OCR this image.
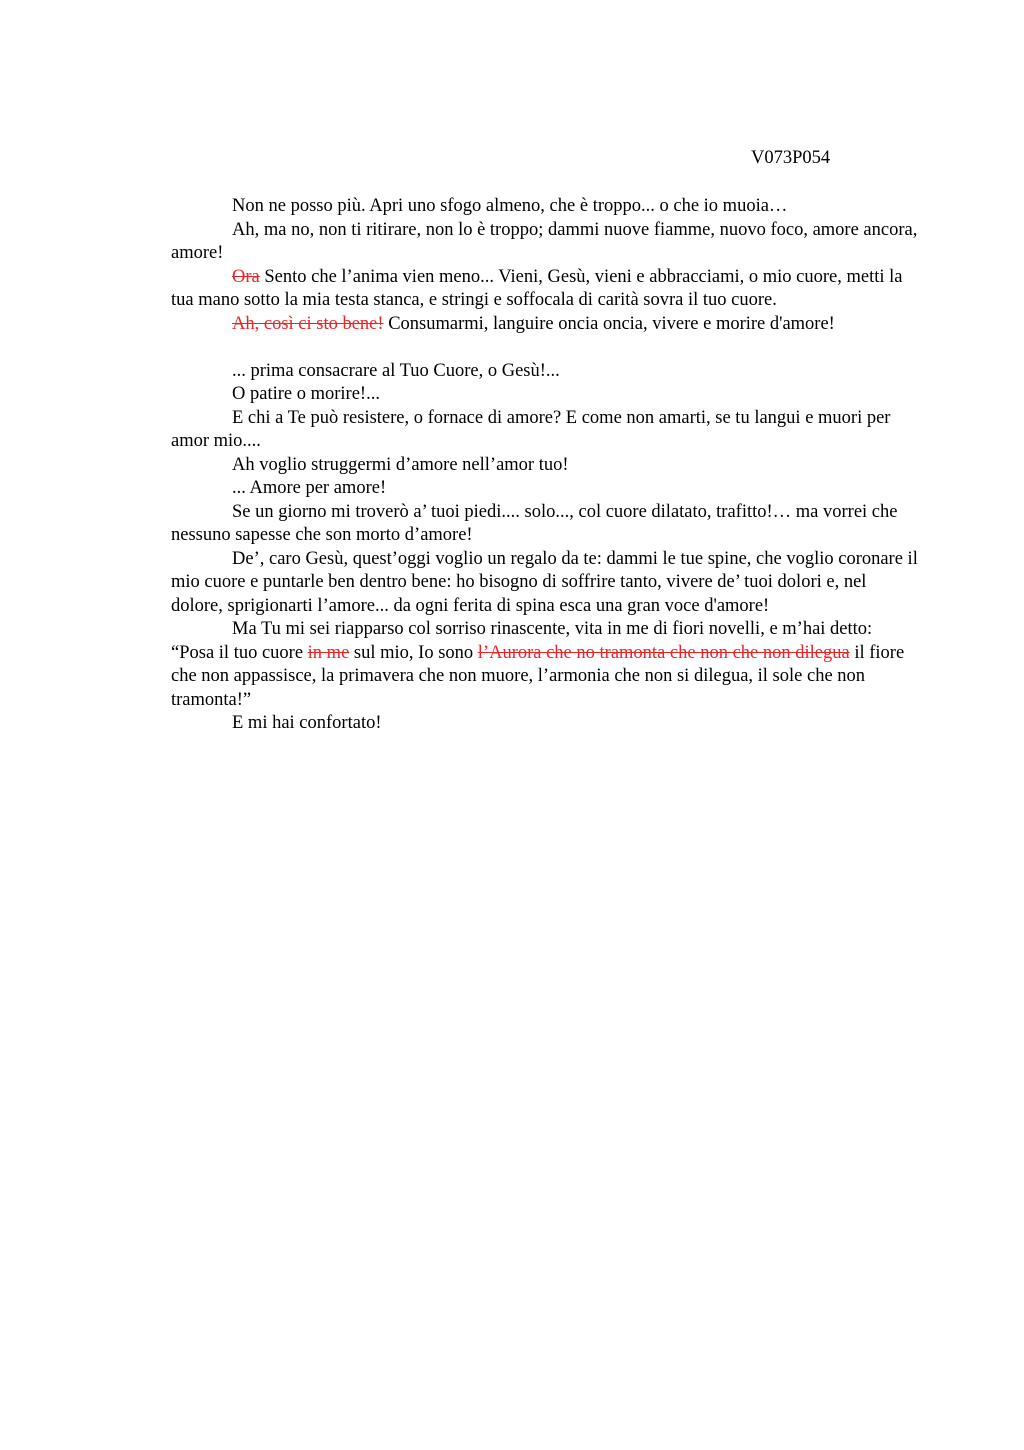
V073P054

Non ne posso più. Apri uno sfogo almeno, che è troppo... o che io muoia…

Ah, ma no, non ti ritirare, non lo è troppo; dammi nuove fiamme, nuovo foco, amore ancora, amore!

Ora Sento che l’anima vien meno... Vieni, Gesù, vieni e abbracciami, o mio cuore, metti la tua mano sotto la mia testa stanca, e stringi e soffocala di carità sovra il tuo cuore.

Ah, così ci sto bene! Consumarmi, languire oncia oncia, vivere e morire d'amore!

... prima consacrare al Tuo Cuore, o Gesù!...

O patire o morire!...

E chi a Te può resistere, o fornace di amore? E come non amarti, se tu langui e muori per amor mio....

Ah voglio struggermi d’amore nell’amor tuo!

... Amore per amore!

Se un giorno mi troverò a’ tuoi piedi.... solo..., col cuore dilatato, trafitto!… ma vorrei che nessuno sapesse che son morto d’amore!

De’, caro Gesù, quest’oggi voglio un regalo da te: dammi le tue spine, che voglio coronare il mio cuore e puntarle ben dentro bene: ho bisogno di soffrire tanto, vivere de’ tuoi dolori e, nel dolore, sprigionarti l’amore... da ogni ferita di spina esca una gran voce d'amore!

Ma Tu mi sei riapparso col sorriso rinascente, vita in me di fiori novelli, e m’hai detto: “Posa il tuo cuore in me sul mio, Io sono l’Aurora che no tramonta che non che non dilegua il fiore che non appassisce, la primavera che non muore, l’armonia che non si dilegua, il sole che non tramonta!”

E mi hai confortato!
